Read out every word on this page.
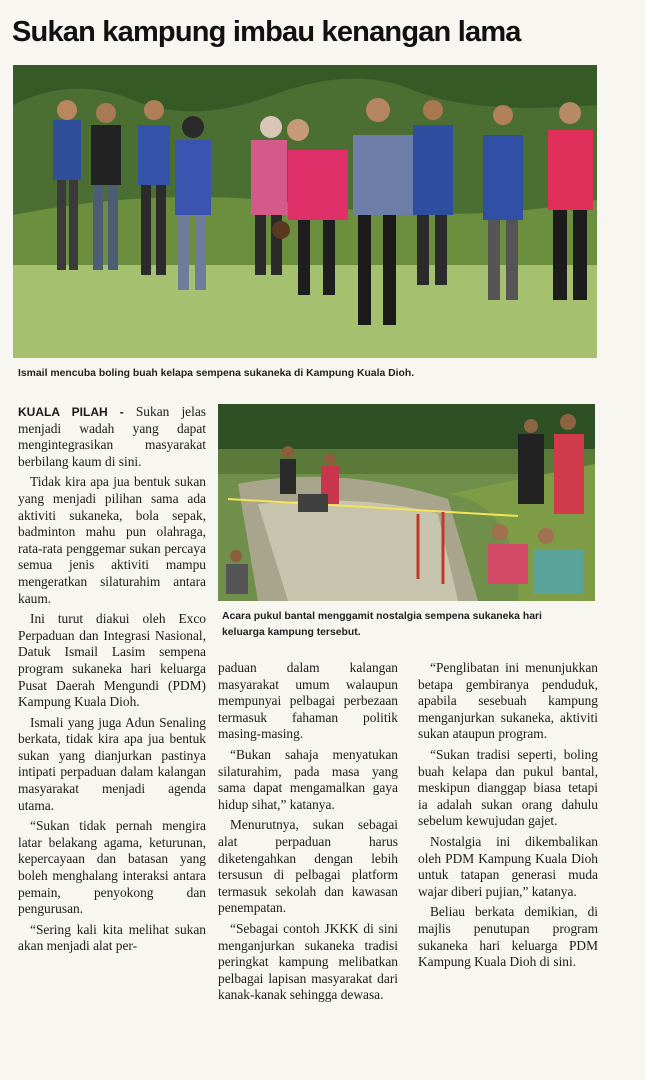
Sukan kampung imbau kenangan lama

Ismail mencuba boling buah kelapa sempena sukaneka di Kampung Kuala Dioh.

Acara pukul bantal menggamit nostalgia sempena sukaneka hari
keluarga kampung tersebut.

KUALA PILAH - Sukan jelas menjadi wadah yang dapat mengintegrasikan masyarakat berbilang kaum di sini.

Tidak kira apa jua bentuk sukan yang menjadi pilihan sama ada aktiviti sukaneka, bola sepak, badminton mahu pun olahraga, rata-rata penggemar sukan percaya semua jenis aktiviti mampu mengeratkan silaturahim antara kaum.

Ini turut diakui oleh Exco Perpaduan dan Integrasi Nasional, Datuk Ismail Lasim sempena program sukaneka hari keluarga Pusat Daerah Mengundi (PDM) Kampung Kuala Dioh.

Ismali yang juga Adun Senaling berkata, tidak kira apa jua bentuk sukan yang dianjurkan pastinya intipati perpaduan dalam kalangan masyarakat menjadi agenda utama.

“Sukan tidak pernah mengira latar belakang agama, keturunan, kepercayaan dan batasan yang boleh menghalang interaksi antara pemain, penyokong dan pengurusan.

“Sering kali kita melihat sukan akan menjadi alat per-

paduan dalam kalangan masyarakat umum walaupun mempunyai pelbagai perbezaan termasuk fahaman politik masing-masing.

“Bukan sahaja menyatukan silaturahim, pada masa yang sama dapat mengamalkan gaya hidup sihat,” katanya.

Menurutnya, sukan sebagai alat perpaduan harus diketengahkan dengan lebih tersusun di pelbagai platform termasuk sekolah dan kawasan penempatan.

“Sebagai contoh JKKK di sini menganjurkan sukaneka tradisi peringkat kampung melibatkan pelbagai lapisan masyarakat dari kanak-kanak sehingga dewasa.

“Penglibatan ini menunjukkan betapa gembiranya penduduk, apabila sesebuah kampung menganjurkan sukaneka, aktiviti sukan ataupun program.

“Sukan tradisi seperti, boling buah kelapa dan pukul bantal, meskipun dianggap biasa tetapi ia adalah sukan orang dahulu sebelum kewujudan gajet.

Nostalgia ini dikembalikan oleh PDM Kampung Kuala Dioh untuk tatapan generasi muda wajar diberi pujian,” katanya.

Beliau berkata demikian, di majlis penutupan program sukaneka hari keluarga PDM Kampung Kuala Dioh di sini.
